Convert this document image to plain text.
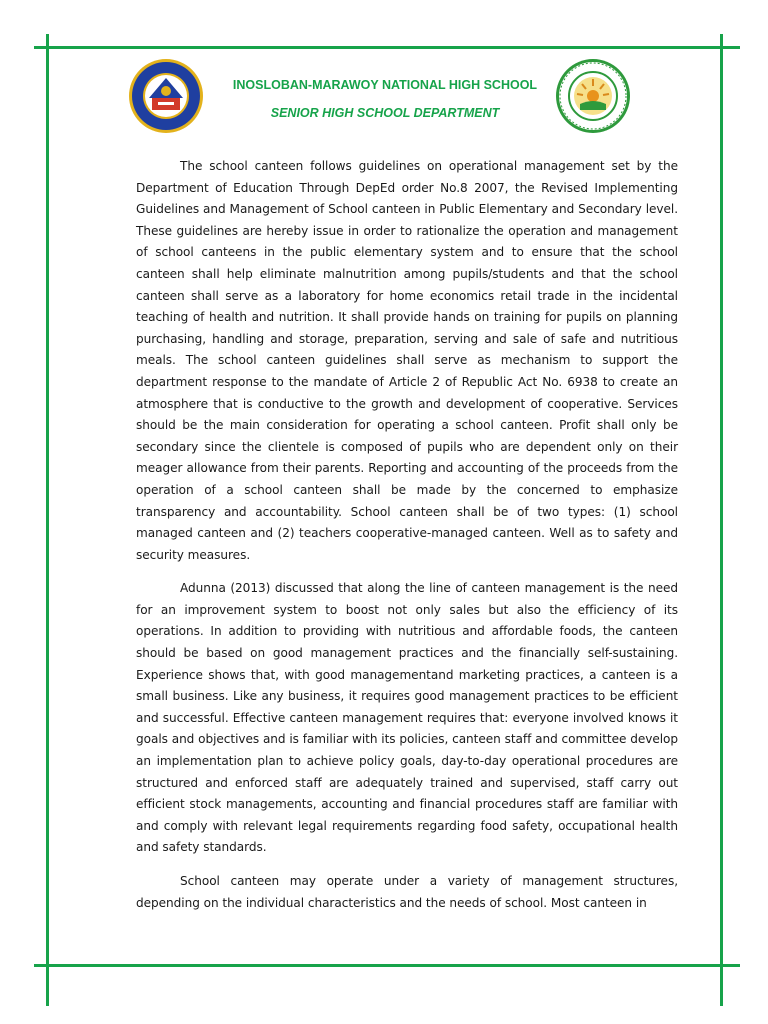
INOSLOBAN-MARAWOY NATIONAL HIGH SCHOOL
SENIOR HIGH SCHOOL DEPARTMENT

The school canteen follows guidelines on operational management set by the Department of Education Through DepEd order No.8 2007, the Revised Implementing Guidelines and Management of School canteen in Public Elementary and Secondary level. These guidelines are hereby issue in order to rationalize the operation and management of school canteens in the public elementary system and to ensure that the school canteen shall help eliminate malnutrition among pupils/students and that the school canteen shall serve as a laboratory for home economics retail trade in the incidental teaching of health and nutrition. It shall provide hands on training for pupils on planning purchasing, handling and storage, preparation, serving and sale of safe and nutritious meals. The school canteen guidelines shall serve as mechanism to support the department response to the mandate of Article 2 of Republic Act No. 6938 to create an atmosphere that is conductive to the growth and development of cooperative. Services should be the main consideration for operating a school canteen. Profit shall only be secondary since the clientele is composed of pupils who are dependent only on their meager allowance from their parents. Reporting and accounting of the proceeds from the operation of a school canteen shall be made by the concerned to emphasize transparency and accountability. School canteen shall be of two types: (1) school managed canteen and (2) teachers cooperative-managed canteen. Well as to safety and security measures.

Adunna (2013) discussed that along the line of canteen management is the need for an improvement system to boost not only sales but also the efficiency of its operations. In addition to providing with nutritious and affordable foods, the canteen should be based on good management practices and the financially self-sustaining. Experience shows that, with good managementand marketing practices, a canteen is a small business. Like any business, it requires good management practices to be efficient and successful. Effective canteen management requires that: everyone involved knows it goals and objectives and is familiar with its policies, canteen staff and committee develop an implementation plan to achieve policy goals, day-to-day operational procedures are structured and enforced staff are adequately trained and supervised, staff carry out efficient stock managements, accounting and financial procedures staff are familiar with and comply with relevant legal requirements regarding food safety, occupational health and safety standards.

School canteen may operate under a variety of management structures, depending on the individual characteristics and the needs of school. Most canteen in
